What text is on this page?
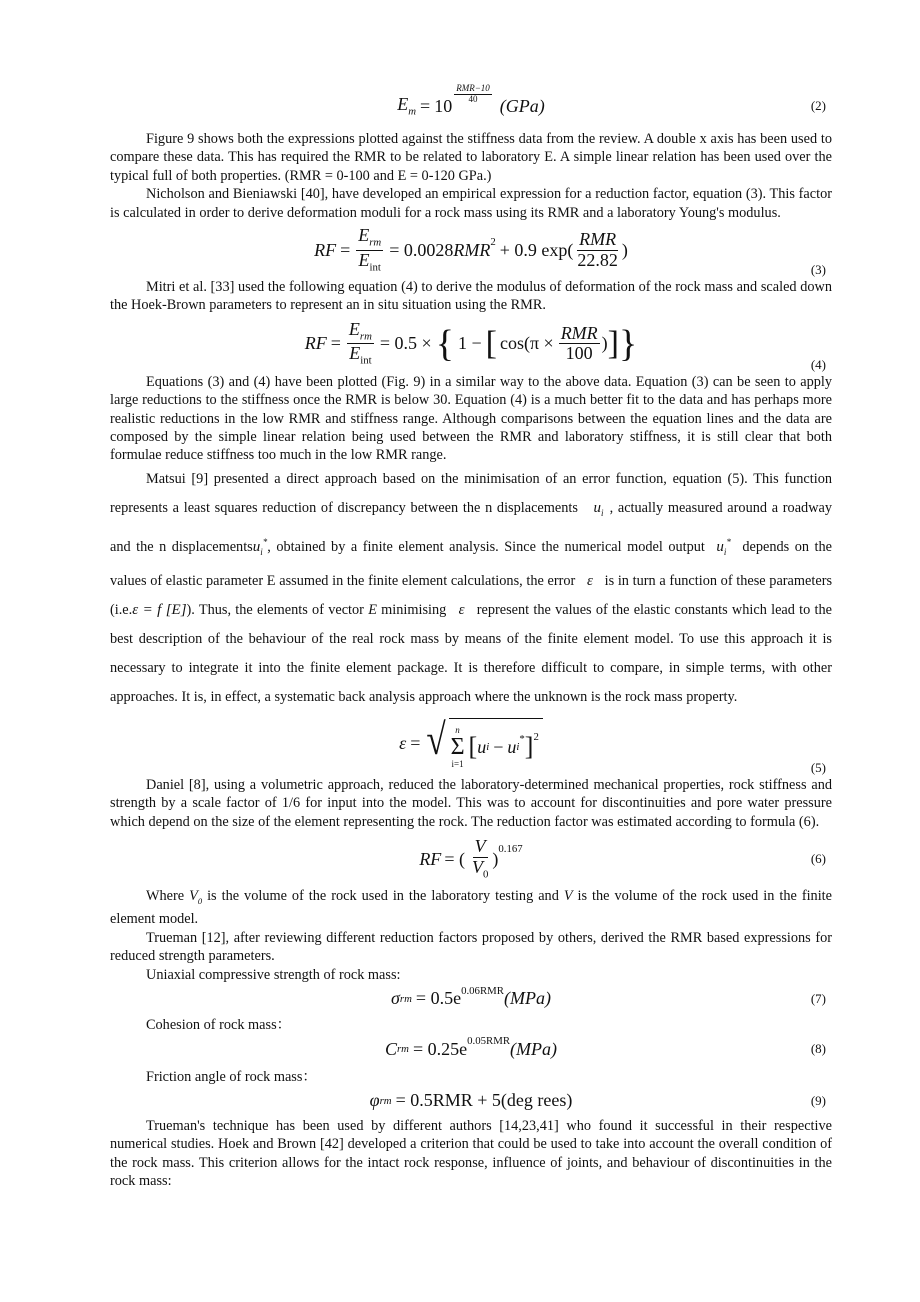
$E_m = 10$
$\frac{\text{RMR−10}}{40}$
(GPa)	(2)

Figure 9 shows both the expressions plotted against the stiffness data from the review. A double x axis has been used to compare these data. This has required the RMR to be related to laboratory E. A simple linear relation has been used over the typical full of both properties. (RMR = 0-100 and E = 0-120 GPa.)

Nicholson and Bieniawski [40], have developed an empirical expression for a reduction factor, equation (3). This factor is calculated in order to derive deformation moduli for a rock mass using its RMR and a laboratory Young's modulus.

RF = $\frac{E_{rm}}{E_{int}} = 0.0028$ $RMR^2 + 0.9$ $\exp( \frac{\text{RMR}}{22.82}$ )
(3)

Mitri et al. [33] used the following equation (4) to derive the modulus of deformation of the rock mass and scaled down the Hoek-Brown parameters to represent an in situ situation using the RMR.

RF = $\frac{E_{rm}}{E_{int}} = 0.5$ × { 1 − [ $\cos(\pi \times \frac{\text{RMR}}{100}$ ) ] }	(4)

Equations (3) and (4) have been plotted (Fig. 9) in a similar way to the above data. Equation (3) can be seen to apply large reductions to the stiffness once the RMR is below 30. Equation (4) is a much better fit to the data and has perhaps more realistic reductions in the low RMR and stiffness range. Although comparisons between the equation lines and the data are composed by the simple linear relation being used between the RMR and laboratory stiffness, it is still clear that both formulae reduce stiffness too much in the low RMR range.

Matsui [9] presented a direct approach based on the minimisation of an error function, equation (5). This function represents a least squares reduction of discrepancy between the n displacements $u_i$ , actually measured around a roadway and the n displacementsu$_i$*, obtained by a finite element analysis. Since the numerical model output $u_i^*$ depends on the values of elastic parameter E assumed in the finite element calculations, the error ε is in turn a function of these parameters (i.e.ε = f [E]). Thus, the elements of vector E minimising ε represent the values of the elastic constants which lead to the best description of the behaviour of the real rock mass by means of the finite element model. To use this approach it is necessary to integrate it into the finite element package. It is therefore difficult to compare, in simple terms, with other approaches. It is, in effect, a systematic back analysis approach where the unknown is the rock mass property.

ε = √ n
Σ
i=1
[ u i − u i
* ]$^2$
(5)

Daniel [8], using a volumetric approach, reduced the laboratory-determined mechanical properties, rock stiffness and strength by a scale factor of 1/6 for input into the model. This was to account for discontinuities and pore water pressure which depend on the size of the element representing the rock. The reduction factor was estimated according to formula (6).

RF = ( $\frac{V}{V_0} )^{0.167}$
(6)

Where $V_0$ is the volume of the rock used in the laboratory testing and V is the volume of the rock used in the finite element model.

Trueman [12], after reviewing different reduction factors proposed by others, derived the RMR based expressions for reduced strength parameters.

Uniaxial compressive strength of rock mass:

σ rm = $0.5e^{0.06RMR}$ (MPa)	(7)

Cohesion of rock mass：

C rm = $0.25e^{0.05RMR}$ (MPa)	(8)

Friction angle of rock mass：

φ rm = 0.5RMR + 5(deg rees)	(9)

Trueman's technique has been used by different authors [14,23,41] who found it successful in their respective numerical studies. Hoek and Brown [42] developed a criterion that could be used to take into account the overall condition of the rock mass. This criterion allows for the intact rock response, influence of joints, and behaviour of discontinuities in the rock mass:
